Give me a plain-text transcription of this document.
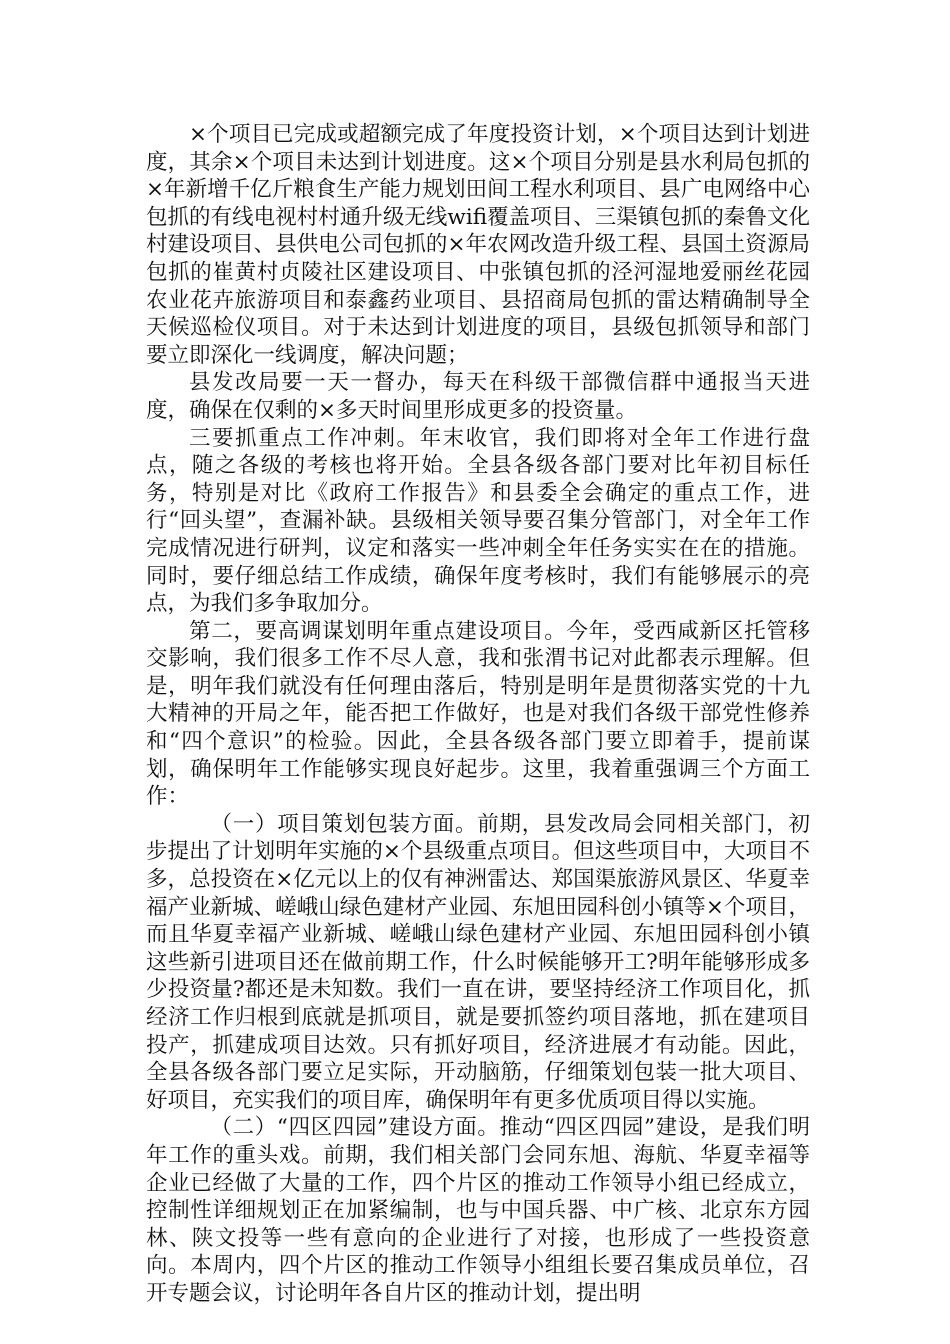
×个项目已完成或超额完成了年度投资计划，×个项目达到计划进度，其余×个项目未达到计划进度。这×个项目分别是县水利局包抓的×年新增千亿斤粮食生产能力规划田间工程水利项目、县广电网络中心包抓的有线电视村村通升级无线wifi覆盖项目、三渠镇包抓的秦鲁文化村建设项目、县供电公司包抓的×年农网改造升级工程、县国土资源局包抓的崔黄村贞陵社区建设项目、中张镇包抓的泾河湿地爱丽丝花园农业花卉旅游项目和泰鑫药业项目、县招商局包抓的雷达精确制导全天候巡检仪项目。对于未达到计划进度的项目，县级包抓领导和部门要立即深化一线调度，解决问题；

县发改局要一天一督办，每天在科级干部微信群中通报当天进度，确保在仅剩的×多天时间里形成更多的投资量。

三要抓重点工作冲刺。年末收官，我们即将对全年工作进行盘点，随之各级的考核也将开始。全县各级各部门要对比年初目标任务，特别是对比《政府工作报告》和县委全会确定的重点工作，进行“回头望”，查漏补缺。县级相关领导要召集分管部门，对全年工作完成情况进行研判，议定和落实一些冲刺全年任务实实在在的措施。同时，要仔细总结工作成绩，确保年度考核时，我们有能够展示的亮点，为我们多争取加分。

第二，要高调谋划明年重点建设项目。今年，受西咸新区托管移交影响，我们很多工作不尽人意，我和张渭书记对此都表示理解。但是，明年我们就没有任何理由落后，特别是明年是贯彻落实党的十九大精神的开局之年，能否把工作做好，也是对我们各级干部党性修养和“四个意识”的检验。因此，全县各级各部门要立即着手，提前谋划，确保明年工作能够实现良好起步。这里，我着重强调三个方面工作：

（一）项目策划包装方面。前期，县发改局会同相关部门，初步提出了计划明年实施的×个县级重点项目。但这些项目中，大项目不多，总投资在×亿元以上的仅有神洲雷达、郑国渠旅游风景区、华夏幸福产业新城、嵯峨山绿色建材产业园、东旭田园科创小镇等×个项目，而且华夏幸福产业新城、嵯峨山绿色建材产业园、东旭田园科创小镇这些新引进项目还在做前期工作，什么时候能够开工?明年能够形成多少投资量?都还是未知数。我们一直在讲，要坚持经济工作项目化，抓经济工作归根到底就是抓项目，就是要抓签约项目落地，抓在建项目投产，抓建成项目达效。只有抓好项目，经济进展才有动能。因此，全县各级各部门要立足实际，开动脑筋，仔细策划包装一批大项目、好项目，充实我们的项目库，确保明年有更多优质项目得以实施。

（二）“四区四园”建设方面。推动“四区四园”建设，是我们明年工作的重头戏。前期，我们相关部门会同东旭、海航、华夏幸福等企业已经做了大量的工作，四个片区的推动工作领导小组已经成立，控制性详细规划正在加紧编制，也与中国兵器、中广核、北京东方园林、陕文投等一些有意向的企业进行了对接，也形成了一些投资意向。本周内，四个片区的推动工作领导小组组长要召集成员单位，召开专题会议，讨论明年各自片区的推动计划，提出明
